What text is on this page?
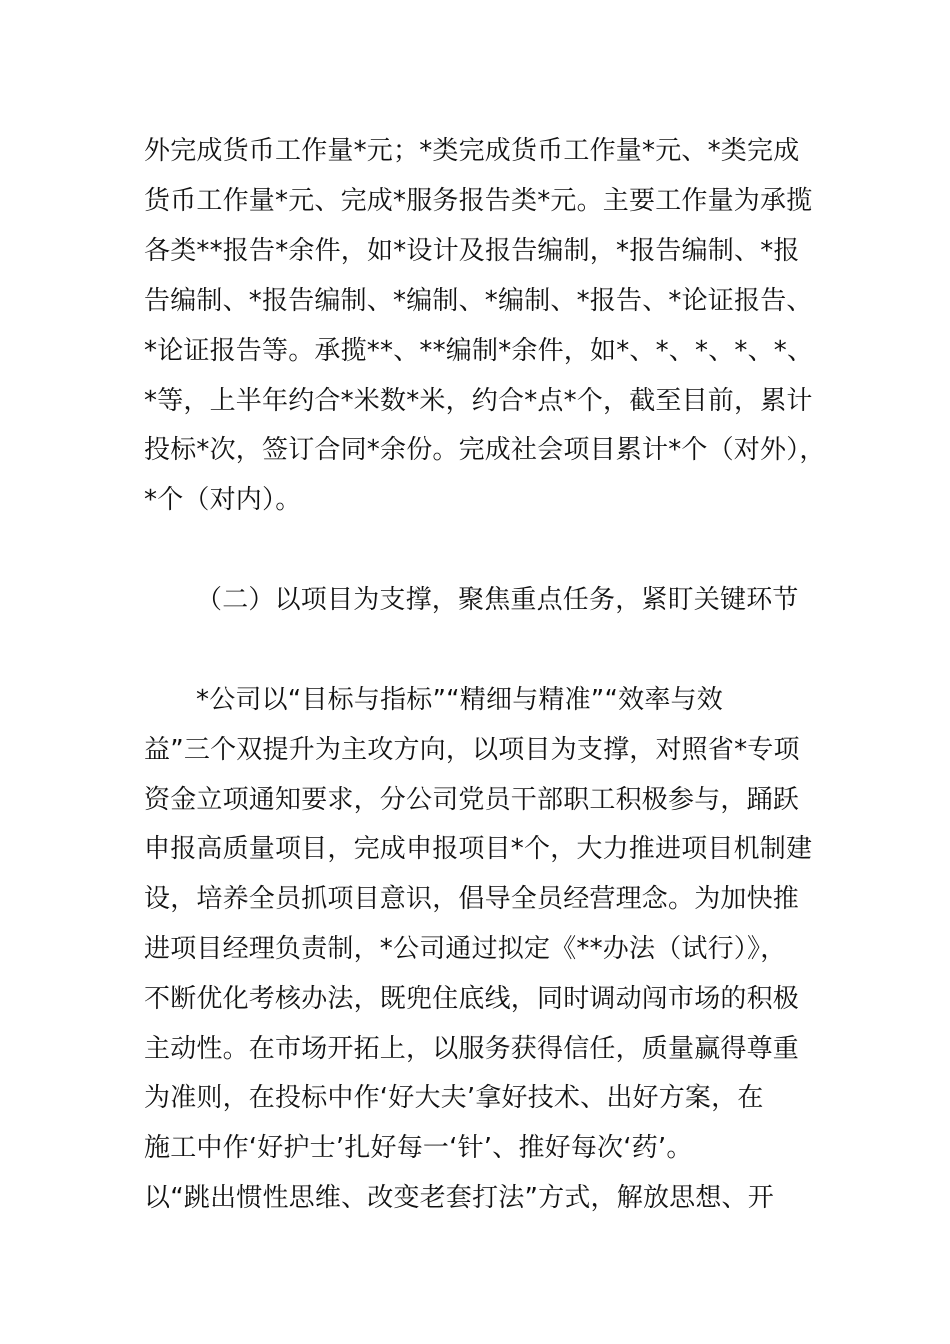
外完成货币工作量*元；*类完成货币工作量*元、*类完成
货币工作量*元、完成*服务报告类*元。主要工作量为承揽
各类**报告*余件，如*设计及报告编制，*报告编制、*报
告编制、*报告编制、*编制、*编制、*报告、*论证报告、
*论证报告等。承揽**、**编制*余件，如*、*、*、*、*、
*等，上半年约合*米数*米，约合*点*个，截至目前，累计
投标*次，签订合同*余份。完成社会项目累计*个（对外），
*个（对内）。
（二）以项目为支撑，聚焦重点任务，紧盯关键环节
*公司以“目标与指标”“精细与精准”“效率与效
益”三个双提升为主攻方向，以项目为支撑，对照省*专项
资金立项通知要求，分公司党员干部职工积极参与，踊跃
申报高质量项目，完成申报项目*个，大力推进项目机制建
设，培养全员抓项目意识，倡导全员经营理念。为加快推
进项目经理负责制，*公司通过拟定《**办法（试行）》，
不断优化考核办法，既兜住底线，同时调动闯市场的积极
主动性。在市场开拓上，以服务获得信任，质量赢得尊重
为准则，在投标中作‘好大夫’拿好技术、出好方案，在
施工中作‘好护士’扎好每一‘针’、推好每次‘药’。
以“跳出惯性思维、改变老套打法”方式，解放思想、开
